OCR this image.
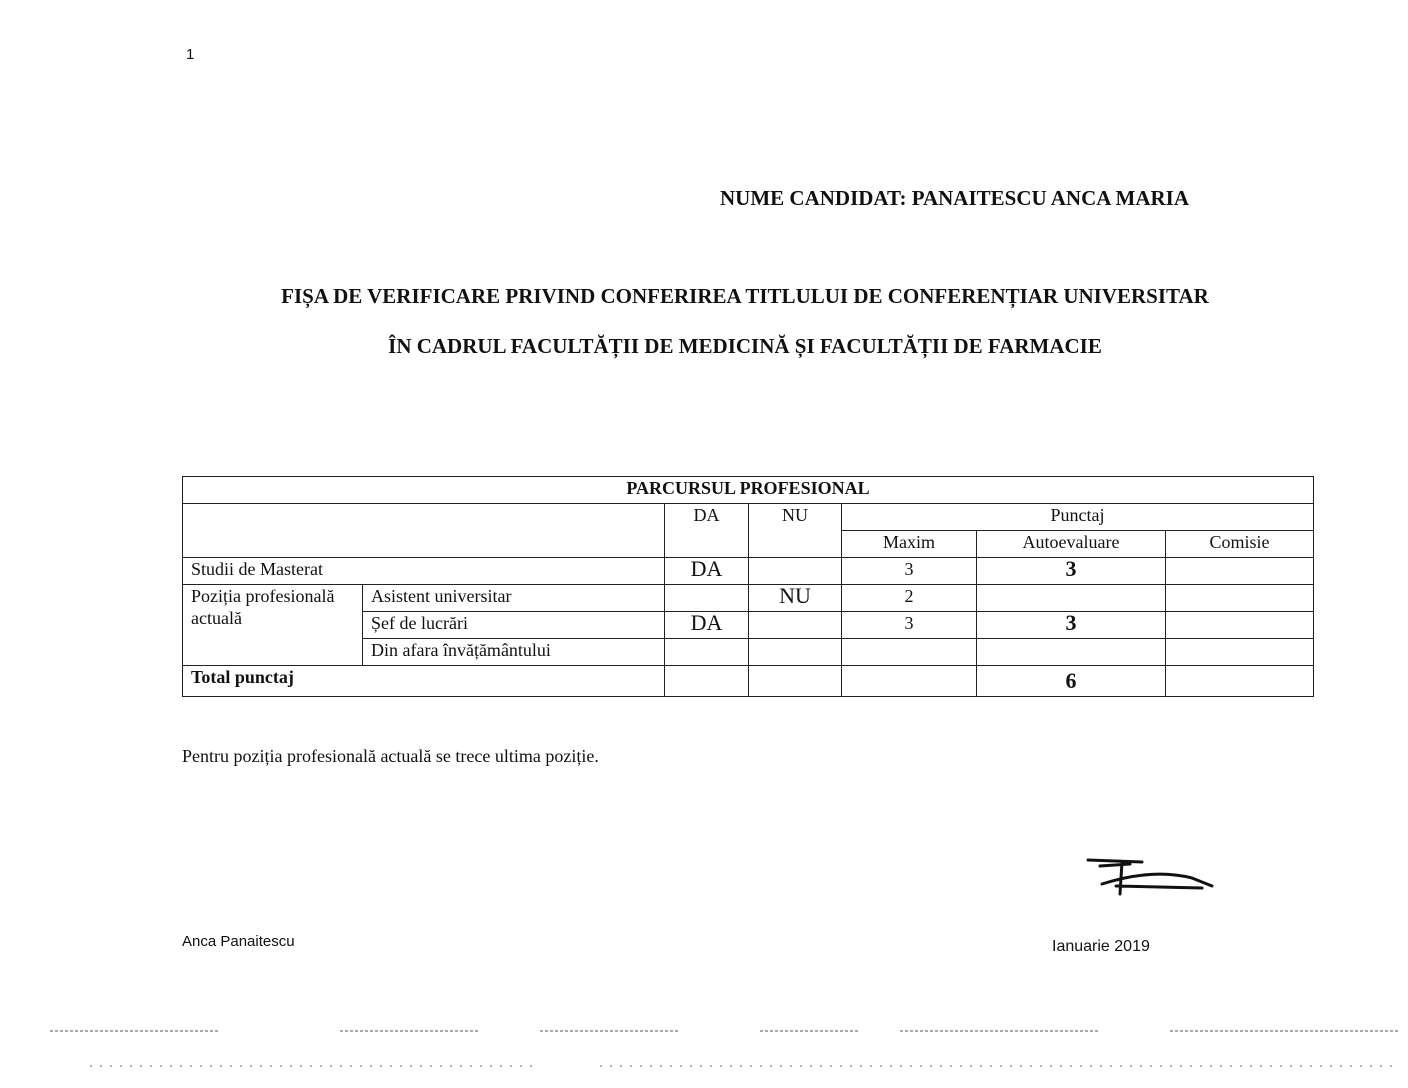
1
NUME CANDIDAT: PANAITESCU ANCA MARIA
FIȘA DE VERIFICARE PRIVIND CONFERIREA TITLULUI DE CONFERENȚIAR UNIVERSITAR
ÎN CADRUL FACULTĂȚII DE MEDICINĂ ȘI FACULTĂȚII DE FARMACIE
PARCURSUL PROFESIONAL						
		DA	NU	Punctaj		
				Maxim	Autoevaluare	Comisie
Studii de Masterat		DA		3	3	
Poziția profesională actuală	Asistent universitar		NU	2		
	Șef de lucrări	DA		3	3	
	Din afara învățământului					
Total punctaj					6	
Pentru poziția profesională actuală se trece ultima poziție.
Anca Panaitescu	Ianuarie 2019
